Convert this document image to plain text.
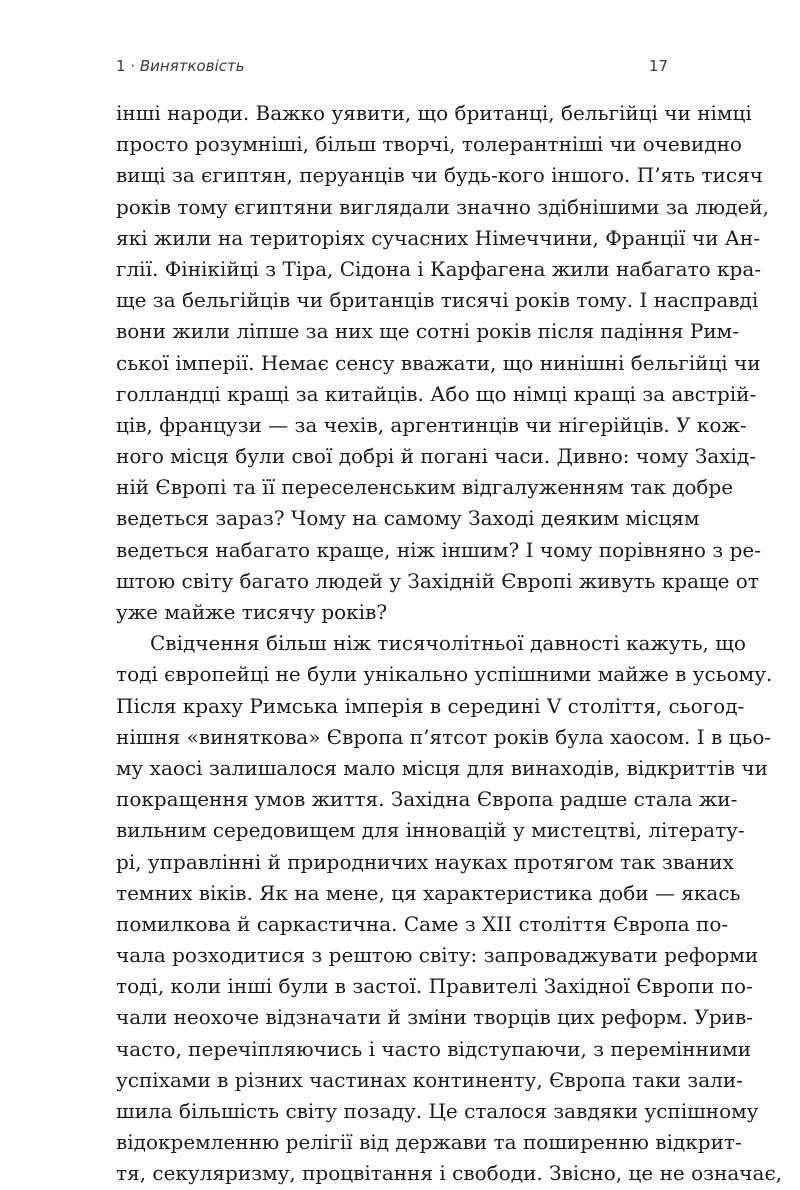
1 · Винятковість	17
інші народи. Важко уявити, що британці, бельгійці чи німці
просто розумніші, більш творчі, толерантніші чи очевидно
вищі за єгиптян, перуанців чи будь-кого іншого. П’ять тисяч
років тому єгиптяни виглядали значно здібнішими за людей,
які жили на територіях сучасних Німеччини, Франції чи Ан-
глії. Фінікійці з Тіра, Сідона і Карфагена жили набагато кра-
ще за бельгійців чи британців тисячі років тому. І насправді
вони жили ліпше за них ще сотні років після падіння Рим-
ської імперії. Немає сенсу вважати, що нинішні бельгійці чи
голландці кращі за китайців. Або що німці кращі за австрій-
ців, французи — за чехів, аргентинців чи нігерійців. У кож-
ного місця були свої добрі й погані часи. Дивно: чому Захід-
ній Європі та її переселенським відгалуженням так добре
ведеться зараз? Чому на самому Заході деяким місцям
ведеться набагато краще, ніж іншим? І чому порівняно з ре-
штою світу багато людей у Західній Європі живуть краще от
уже майже тисячу років?
Свідчення більш ніж тисячолітньої давності кажуть, що
тоді європейці не були унікально успішними майже в усьому.
Після краху Римська імперія в середині V століття, сьогод-
нішня «виняткова» Європа п’ятсот років була хаосом. І в цьо-
му хаосі залишалося мало місця для винаходів, відкриттів чи
покращення умов життя. Західна Європа радше стала жи-
вильним середовищем для інновацій у мистецтві, літерату-
рі, управлінні й природничих науках протягом так званих
темних віків. Як на мене, ця характеристика доби — якась
помилкова й саркастична. Саме з XII століття Європа по-
чала розходитися з рештою світу: запроваджувати реформи
тоді, коли інші були в застої. Правителі Західної Європи по-
чали неохоче відзначати й зміни творців цих реформ. Урив-
часто, перечіпляючись і часто відступаючи, з перемінними
успіхами в різних частинах континенту, Європа таки зали-
шила більшість світу позаду. Це сталося завдяки успішному
відокремленню релігії від держави та поширенню відкрит-
тя, секуляризму, процвітання і свободи. Звісно, це не означає,
